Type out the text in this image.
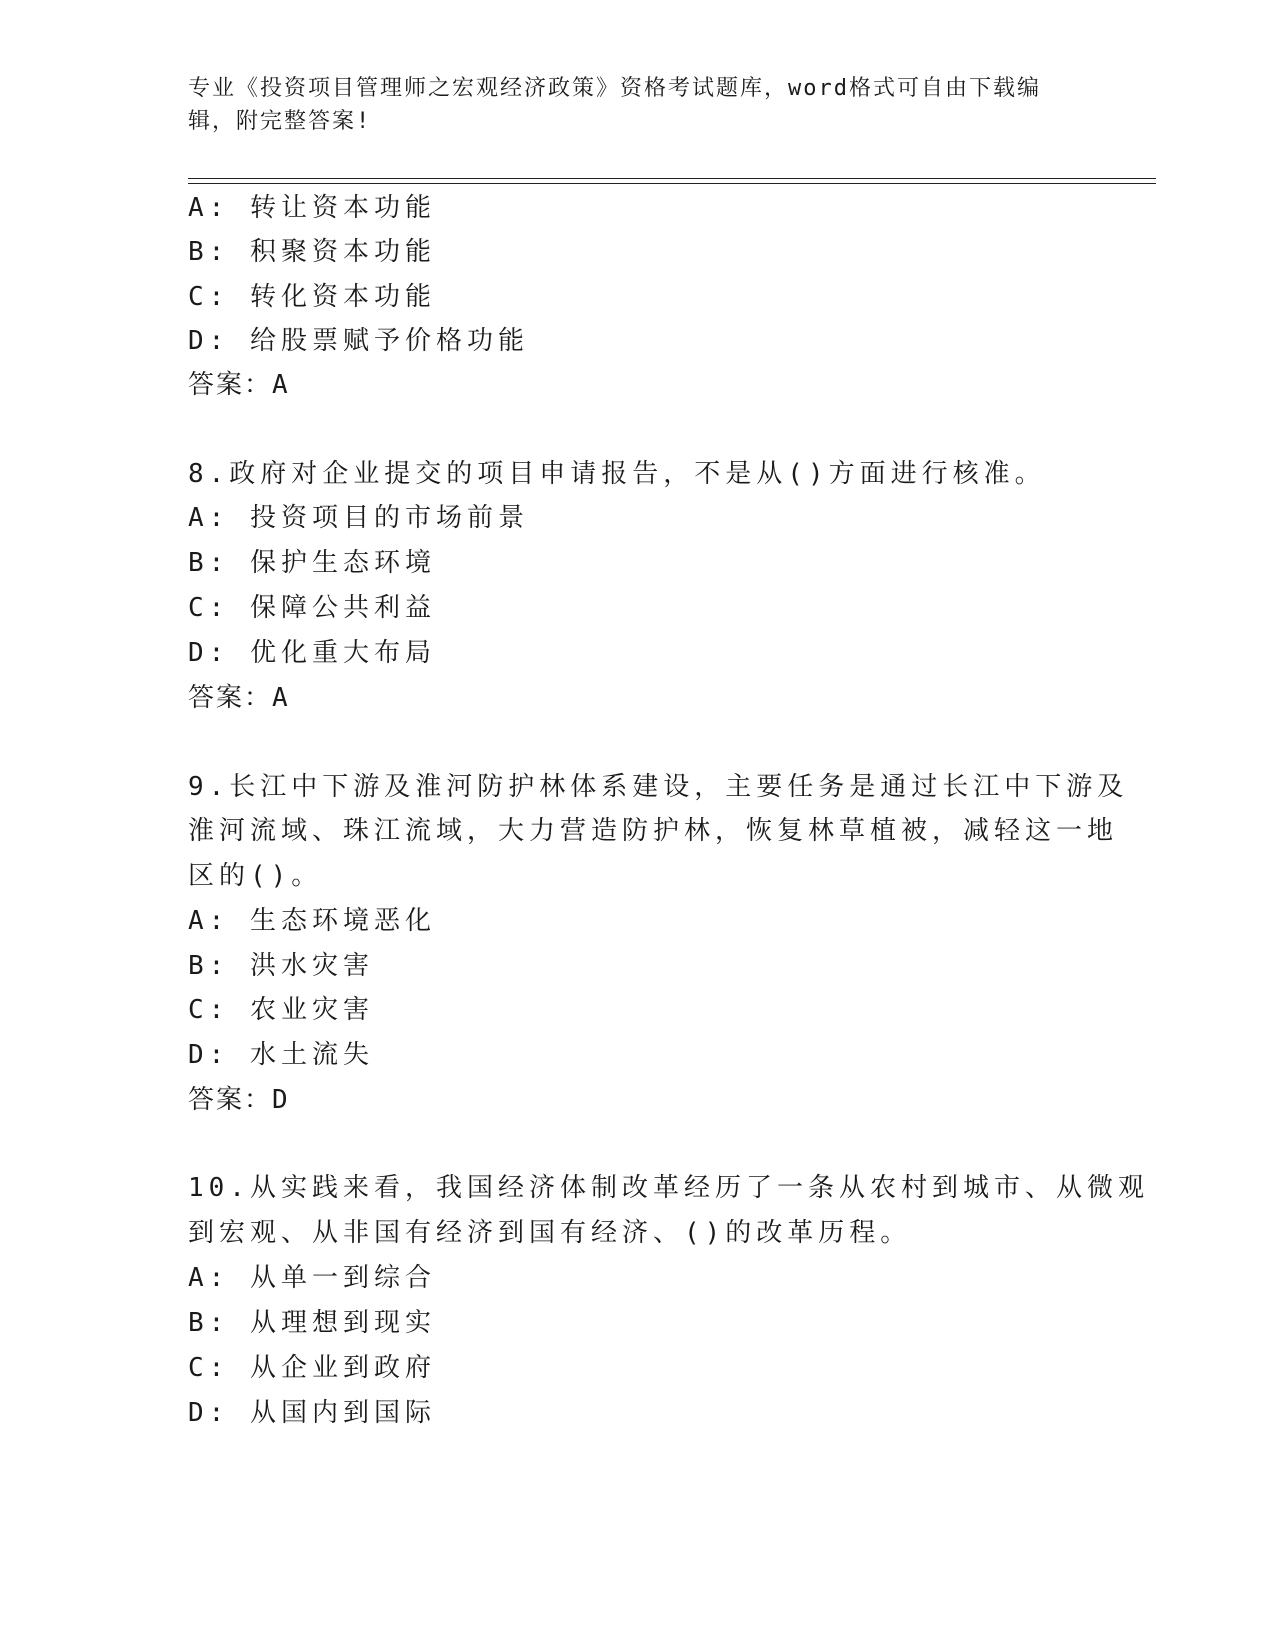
专业《投资项目管理师之宏观经济政策》资格考试题库，word格式可自由下载编
辑，附完整答案!
A: 转让资本功能
B: 积聚资本功能
C: 转化资本功能
D: 给股票赋予价格功能
答案：A
8.政府对企业提交的项目申请报告，不是从()方面进行核准。
A: 投资项目的市场前景
B: 保护生态环境
C: 保障公共利益
D: 优化重大布局
答案：A
9.长江中下游及淮河防护林体系建设，主要任务是通过长江中下游及
淮河流域、珠江流域，大力营造防护林，恢复林草植被，减轻这一地
区的()。
A: 生态环境恶化
B: 洪水灾害
C: 农业灾害
D: 水土流失
答案：D
10.从实践来看，我国经济体制改革经历了一条从农村到城市、从微观
到宏观、从非国有经济到国有经济、()的改革历程。
A: 从单一到综合
B: 从理想到现实
C: 从企业到政府
D: 从国内到国际
